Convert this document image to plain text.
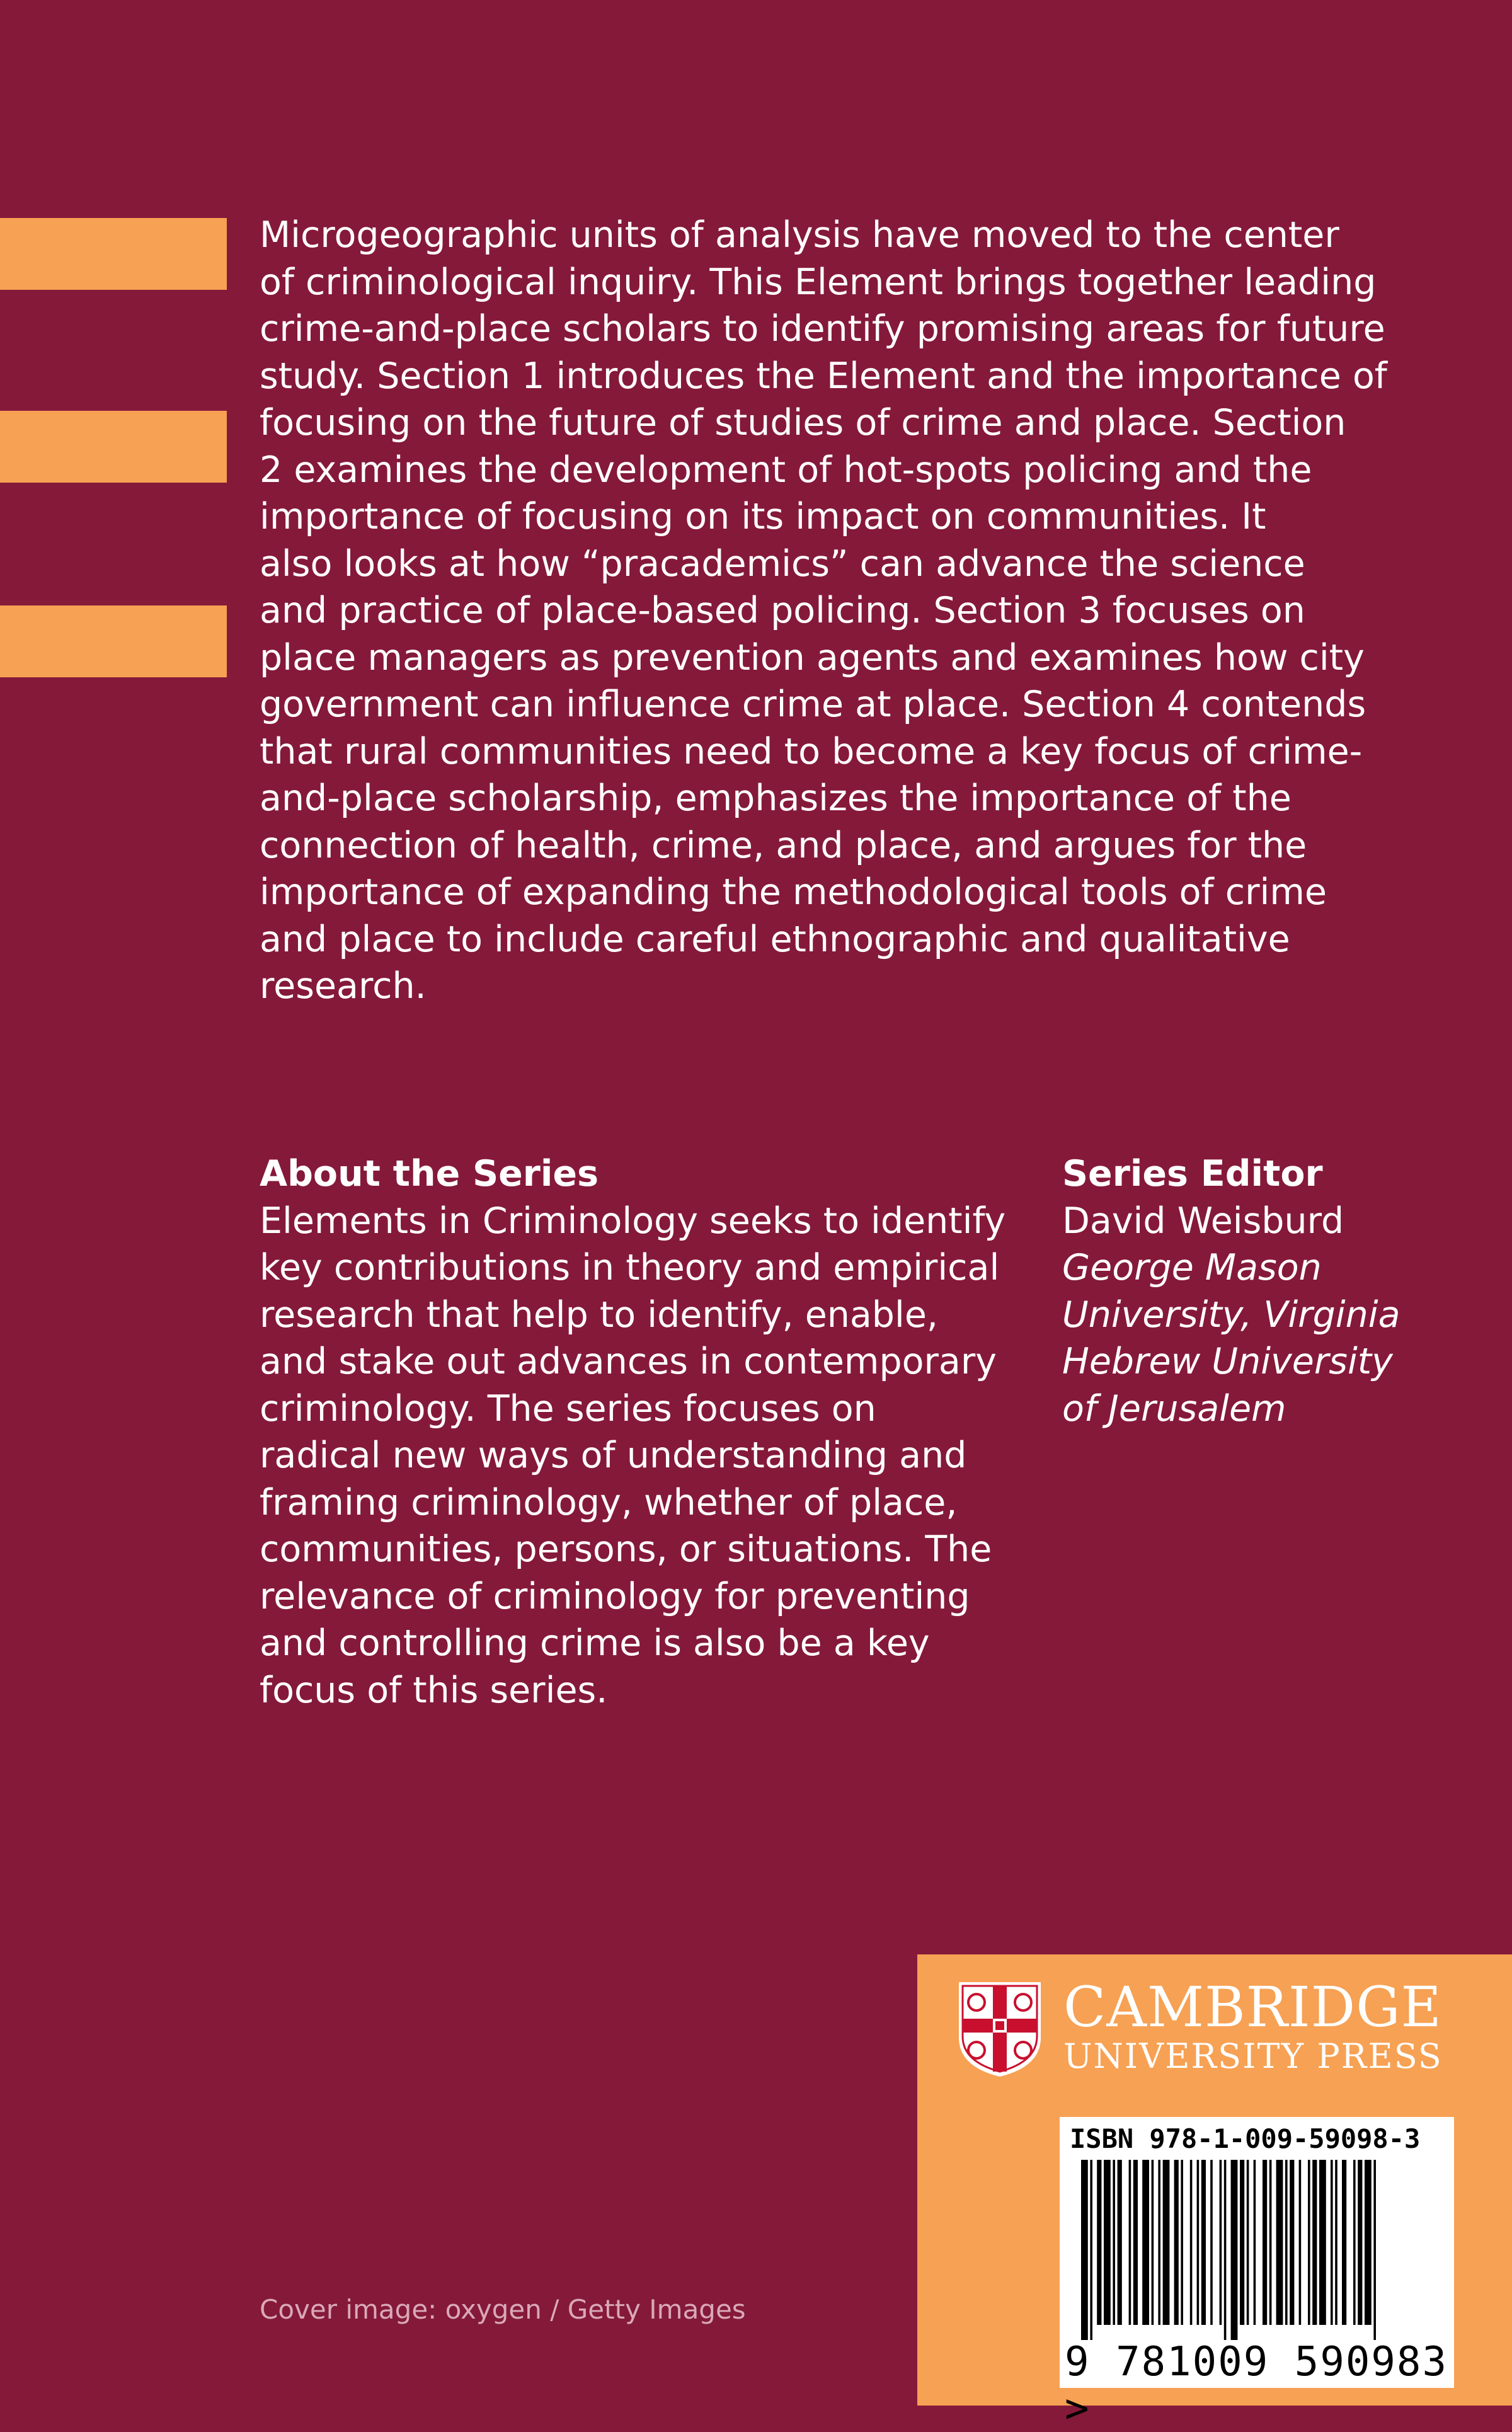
Microgeographic units of analysis have moved to the center
of criminological inquiry. This Element brings together leading
crime-and-place scholars to identify promising areas for future
study. Section 1 introduces the Element and the importance of
focusing on the future of studies of crime and place. Section
2 examines the development of hot-spots policing and the
importance of focusing on its impact on communities. It
also looks at how “pracademics” can advance the science
and practice of place-based policing. Section 3 focuses on
place managers as prevention agents and examines how city
government can influence crime at place. Section 4 contends
that rural communities need to become a key focus of crime-
and-place scholarship, emphasizes the importance of the
connection of health, crime, and place, and argues for the
importance of expanding the methodological tools of crime
and place to include careful ethnographic and qualitative
research.

About the Series
Elements in Criminology seeks to identify
key contributions in theory and empirical
research that help to identify, enable,
and stake out advances in contemporary
criminology. The series focuses on
radical new ways of understanding and
framing criminology, whether of place,
communities, persons, or situations. The
relevance of criminology for preventing
and controlling crime is also be a key
focus of this series.
Series Editor
David Weisburd
George Mason
University, Virginia
Hebrew University
of Jerusalem
Cover image: oxygen / Getty Images
CAMBRIDGE
UNIVERSITY PRESS
ISBN 978-1-009-59098-3
9 781009 590983 >
